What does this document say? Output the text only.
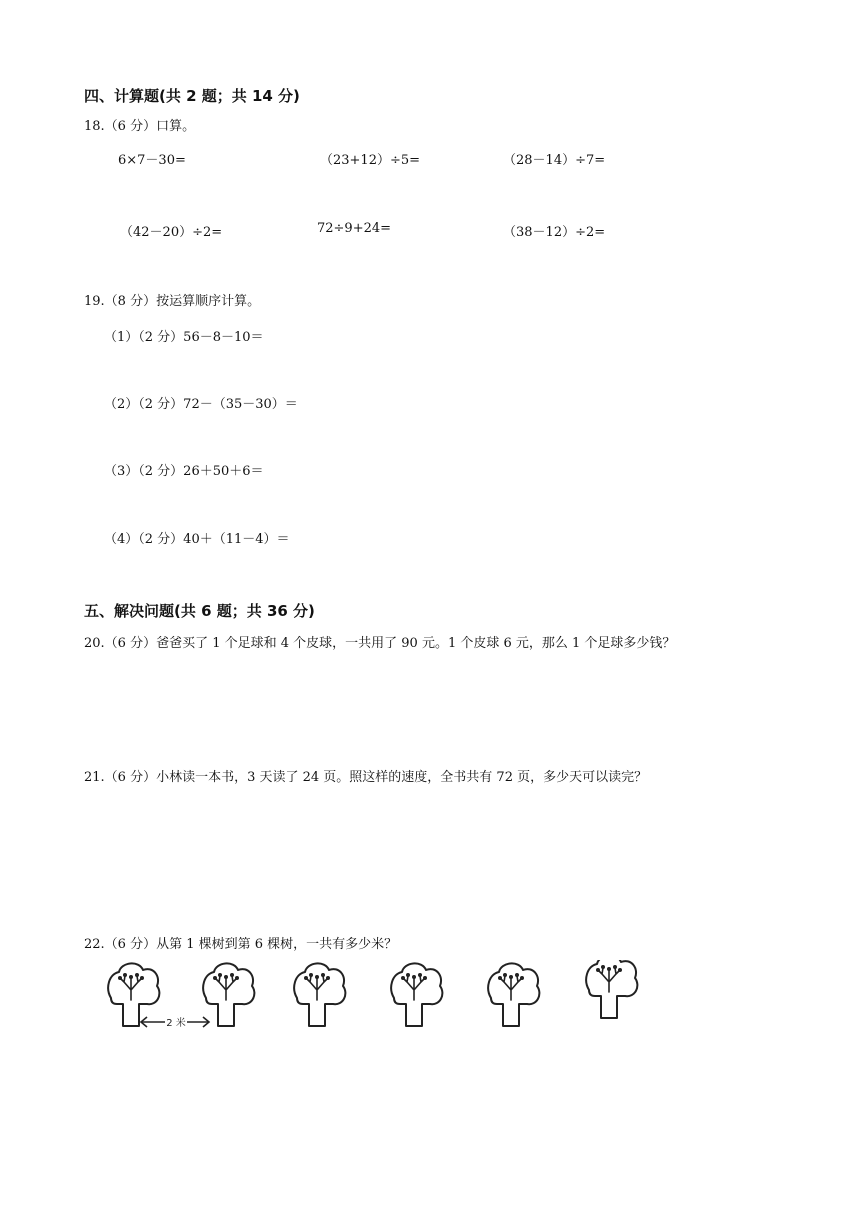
四、计算题(共 2 题；共 14 分)
18.（6 分）口算。
6×7－30=	（23+12）÷5=	（28－14）÷7=
（42－20）÷2=	72÷9+24=	（38－12）÷2=
19.（8 分）按运算顺序计算。
（1）（2 分）56－8－10＝
（2）（2 分）72－（35－30）＝
（3）（2 分）26＋50＋6＝
（4）（2 分）40＋（11－4）＝
五、解决问题(共 6 题；共 36 分)
20.（6 分）爸爸买了 1 个足球和 4 个皮球，一共用了 90 元。1 个皮球 6 元，那么 1 个足球多少钱？
21.（6 分）小林读一本书，3 天读了 24 页。照这样的速度，全书共有 72 页，多少天可以读完？
22.（6 分）从第 1 棵树到第 6 棵树，一共有多少米？
2 米
